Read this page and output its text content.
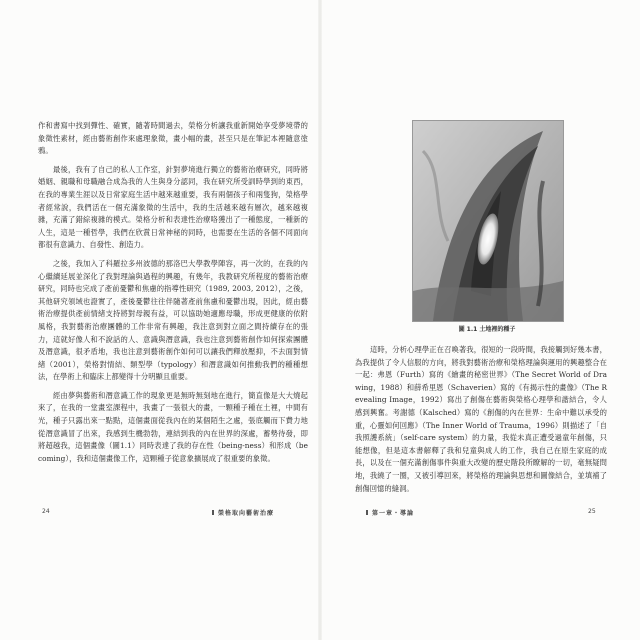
作和書寫中找到彈性、確實，隨著時間過去，榮格分析讓我重新開始享受夢境帶的象徵性素材，經由藝術創作來處理象徵，畫小幅的畫，甚至只是在筆記本裡隨意塗鴉。

最後，我有了自己的私人工作室，針對夢境進行獨立的藝術治療研究，同時將婚姻、親職和母職融合成為我的人生與身分認同，我在研究所受訓時學到的東西，在我的專業生涯以及日常家庭生活中越來越重要，我有兩個孩子和兩隻狗，榮格學者經常說，我們活在一個充滿象徵的生活中，我的生活越來越有層次，越來越複雜，充滿了錯綜複雜的模式。榮格分析和表達性治療咯獲出了一種態度，一種新的人生，這是一種哲學，我們在欣賞日常神秘的同時，也需要在生活的各個不同面向都很有意識力、自發性、創造力。

之後，我加入了科羅拉多州波德的那洛巴大學教學陣容，再一次的，在我的內心繼續延展並深化了我對理論與過程的興趣，有幾年，我教研究所程度的藝術治療研究，同時也完成了產前憂鬱和焦慮的指導性研究（1989, 2003, 2012），之後，其他研究領域也證實了，產後憂鬱往往伴隨著產前焦慮和憂鬱出現，因此，經由藝術治療提供產前情緒支持將對母親有益，可以協助她適應母職，形成更健康的依附風格，我對藝術治療團體的工作非常有興趣，我注意到對立面之間持續存在的張力，這就好像人和不說話的人、意識與潛意識，我也注意到藝術創作如何探索團體及潛意識，很矛盾地，我也注意到藝術創作如何可以讓我們釋放壓抑，不去面對情緒（2001），榮格對情結、類型學（typology）和潛意識如何推動我們的種種想法，在學術上和臨床上都變得十分明顯且重要。

經由夢與藝術和潛意識工作的現象更是無時無刻地在進行，簡直像是大大燒起來了，在我的一堂畫室課程中，我畫了一張很大的畫，一顆種子種在土裡，中間有光，種子只露出來一點點，這個畫面從我內在的某個陌生之處，張底觸而下費力地從潛意識冒了出來，我感到生機勃勃，連結到我的內在世界的深處，蓄勢待發，即將超越我，這個畫像（圖1.1）同時表達了我的存在性（being-ness）和形成（becoming），我和這個畫像工作，這顆種子從意象擴展成了很重要的象徵。

圖 1.1 土地裡的種子

這時，分析心理學正在召喚著我，很短的一段時間，我接觸到好幾本書，為我提供了令人信服的方向，將我對藝術治療和榮格理論與運用的興趣整合在一起：弗恩（Furth）寫的《繪畫的秘密世界》（The Secret World of Drawing，1988）和薛希里恩（Schaverien）寫的《有揭示性的畫像》（The Revealing Image，1992）寫出了創傷在藝術與榮格心理學和諧結合，令人感到興奮。考謝德（Kalsched）寫的《創傷的內在世界：生命中難以承受的重，心靈如何回應》（The Inner World of Trauma，1996）則描述了「自我照護系統」（self-care system）的力量，我從未真正遭受過童年創傷，只能想像，但是這本書解釋了我和兒童與成人的工作，我自己在原生家庭的成長，以及在一個充滿創傷事件與重大改變的歷史階段所瞭解的一切，毫無疑問地，我繞了一圈，又被引導回來，將榮格的理論與思想和圖像結合，並填補了創傷回憶的縫洞。

24	榮格取向藝術治療	第一章・導論	25
